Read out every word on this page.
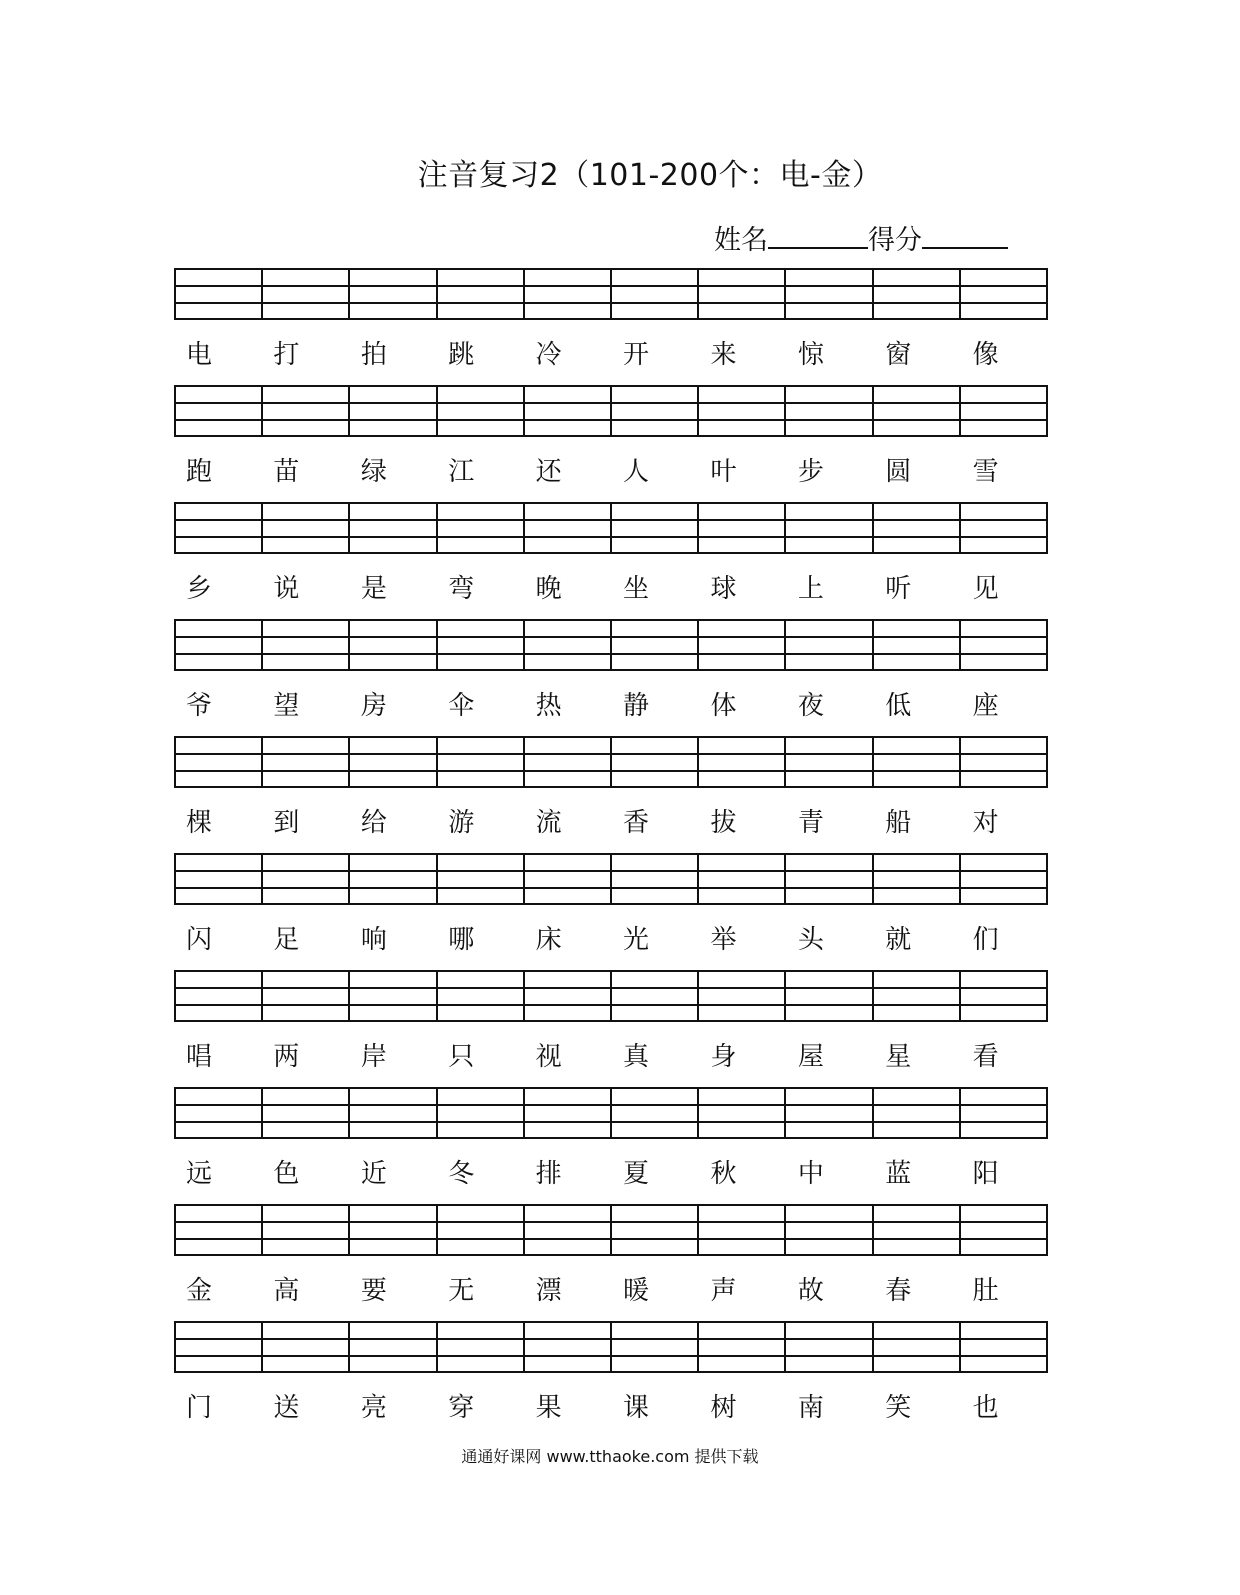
注音复习2（101-200个：电-金）
姓名	得分
电	打	拍	跳	冷	开	来	惊	窗	像
跑	苗	绿	江	还	人	叶	步	圆	雪
乡	说	是	弯	晚	坐	球	上	听	见
爷	望	房	伞	热	静	体	夜	低	座
棵	到	给	游	流	香	拔	青	船	对
闪	足	响	哪	床	光	举	头	就	们
唱	两	岸	只	视	真	身	屋	星	看
远	色	近	冬	排	夏	秋	中	蓝	阳
金	高	要	无	漂	暖	声	故	春	肚
门	送	亮	穿	果	课	树	南	笑	也
通通好课网 www.tthaoke.com 提供下载
